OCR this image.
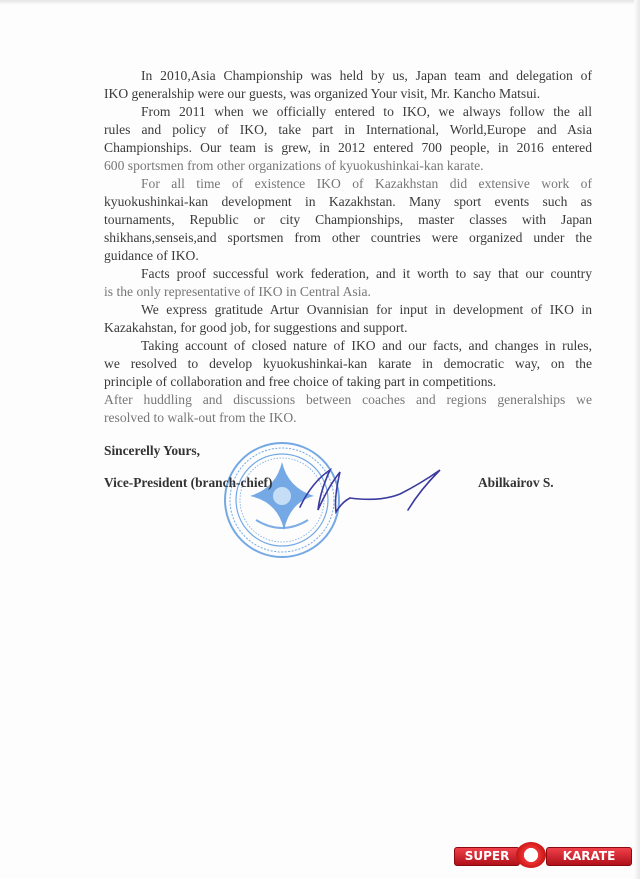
In 2010,Asia Championship was held by us, Japan team and delegation of
IKO generalship were our guests, was organized Your visit, Mr. Kancho Matsui.
From 2011 when we officially entered to IKO, we always follow the all
rules and policy of IKO, take part in International, World,Europe and Asia
Championships. Our team is grew, in 2012 entered 700 people, in 2016 entered
600 sportsmen from other organizations of kyuokushinkai-kan karate.
For all time of existence IKO of Kazakhstan did extensive work of
kyuokushinkai-kan development in Kazakhstan. Many sport events such as
tournaments, Republic or city Championships, master classes with Japan
shikhans,senseis,and sportsmen from other countries were organized under the
guidance of IKO.
Facts proof successful work federation, and it worth to say that our country
is the only representative of IKO in Central Asia.
We express gratitude Artur Ovannisian for input in development of IKO in
Kazakahstan, for good job, for suggestions and support.
Taking account of closed nature of IKO and our facts, and changes in rules,
we resolved to develop kyuokushinkai-kan karate in democratic way, on the
principle of collaboration and free choice of taking part in competitions.
After huddling and discussions between coaches and regions generalships we
resolved to walk-out from the IKO.
Sincerelly Yours,
Vice-President (branch-chief)	Abilkairov S.
SUPER	KARATE
